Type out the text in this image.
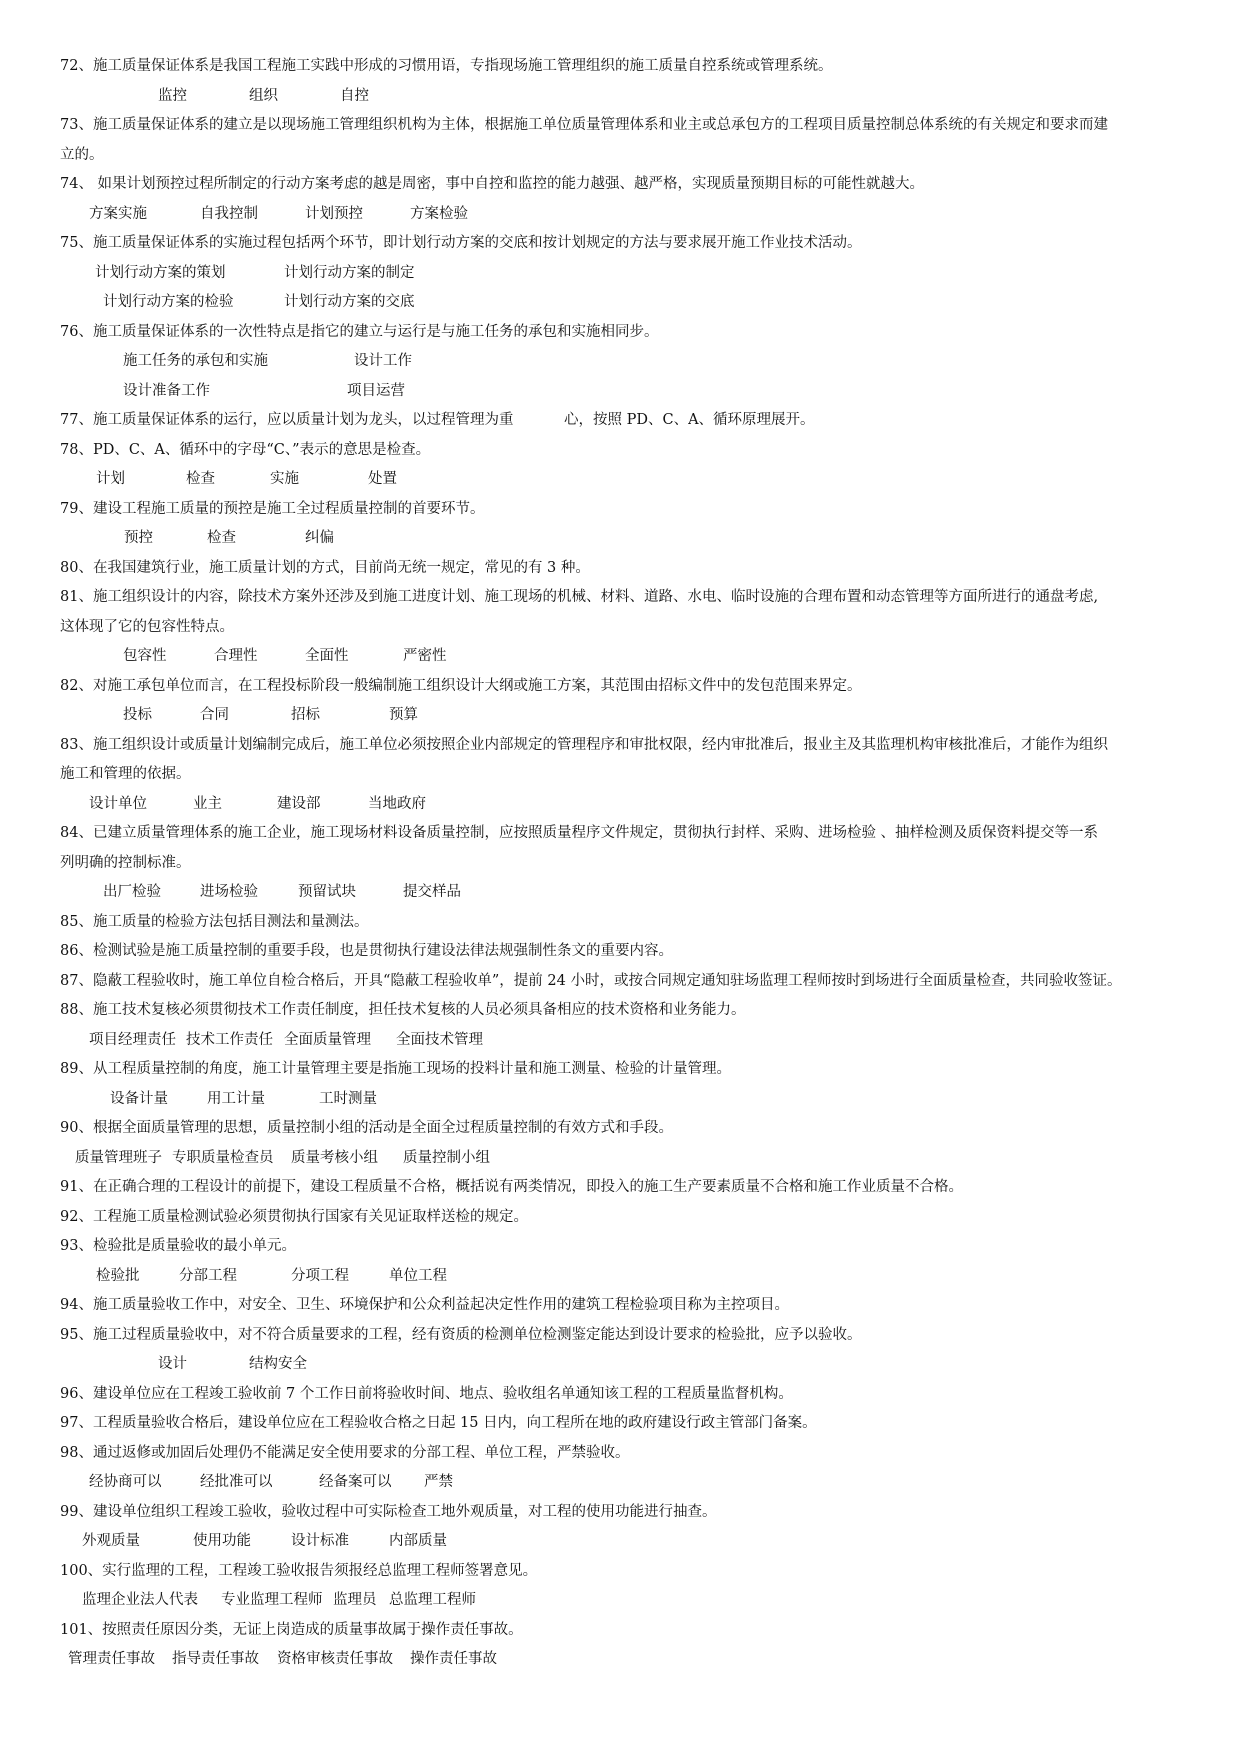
72、施工质量保证体系是我国工程施工实践中形成的习惯用语，专指现场施工管理组织的施工质量自控系统或管理系统。
监控	组织	自控
73、施工质量保证体系的建立是以现场施工管理组织机构为主体，根据施工单位质量管理体系和业主或总承包方的工程项目质量控制总体系统的有关规定和要求而建
立的。
74、 如果计划预控过程所制定的行动方案考虑的越是周密，事中自控和监控的能力越强、越严格，实现质量预期目标的可能性就越大。
方案实施	自我控制	计划预控	方案检验
75、施工质量保证体系的实施过程包括两个环节，即计划行动方案的交底和按计划规定的方法与要求展开施工作业技术活动。
计划行动方案的策划	计划行动方案的制定
计划行动方案的检验	计划行动方案的交底
76、施工质量保证体系的一次性特点是指它的建立与运行是与施工任务的承包和实施相同步。
施工任务的承包和实施	设计工作
设计准备工作	项目运营
77、施工质量保证体系的运行，应以质量计划为龙头，以过程管理为重	心，按照 PD、C、A、循环原理展开。
78、PD、C、A、循环中的字母“C、”表示的意思是检查。
计划	检查	实施	处置
79、建设工程施工质量的预控是施工全过程质量控制的首要环节。
预控	检查	纠偏
80、在我国建筑行业，施工质量计划的方式，目前尚无统一规定，常见的有 3 种。
81、施工组织设计的内容，除技术方案外还涉及到施工进度计划、施工现场的机械、材料、道路、水电、临时设施的合理布置和动态管理等方面所进行的通盘考虑,
这体现了它的包容性特点。
包容性	合理性	全面性	严密性
82、对施工承包单位而言，在工程投标阶段一般编制施工组织设计大纲或施工方案，其范围由招标文件中的发包范围来界定。
投标	合同	招标	预算
83、施工组织设计或质量计划编制完成后，施工单位必须按照企业内部规定的管理程序和审批权限，经内审批准后，报业主及其监理机构审核批准后，才能作为组织
施工和管理的依据。
设计单位	业主	建设部	当地政府
84、已建立质量管理体系的施工企业，施工现场材料设备质量控制，应按照质量程序文件规定，贯彻执行封样、采购、进场检验 、抽样检测及质保资料提交等一系
列明确的控制标准。
出厂检验	进场检验	预留试块	提交样品
85、施工质量的检验方法包括目测法和量测法。
86、检测试验是施工质量控制的重要手段，也是贯彻执行建设法律法规强制性条文的重要内容。
87、隐蔽工程验收时，施工单位自检合格后，开具“隐蔽工程验收单”，提前 24 小时，或按合同规定通知驻场监理工程师按时到场进行全面质量检查，共同验收签证。
88、施工技术复核必须贯彻技术工作责任制度，担任技术复核的人员必须具备相应的技术资格和业务能力。
项目经理责任 技术工作责任 全面质量管理 全面技术管理
89、从工程质量控制的角度，施工计量管理主要是指施工现场的投料计量和施工测量、检验的计量管理。
设备计量	用工计量	工时测量
90、根据全面质量管理的思想，质量控制小组的活动是全面全过程质量控制的有效方式和手段。
质量管理班子 专职质量检查员 质量考核小组 质量控制小组
91、在正确合理的工程设计的前提下，建设工程质量不合格，概括说有两类情况，即投入的施工生产要素质量不合格和施工作业质量不合格。
92、工程施工质量检测试验必须贯彻执行国家有关见证取样送检的规定。
93、检验批是质量验收的最小单元。
检验批	分部工程	分项工程	单位工程
94、施工质量验收工作中，对安全、卫生、环境保护和公众利益起决定性作用的建筑工程检验项目称为主控项目。
95、施工过程质量验收中，对不符合质量要求的工程，经有资质的检测单位检测鉴定能达到设计要求的检验批，应予以验收。
设计	结构安全
96、建设单位应在工程竣工验收前 7 个工作日前将验收时间、地点、验收组名单通知该工程的工程质量监督机构。
97、工程质量验收合格后，建设单位应在工程验收合格之日起 15 日内，向工程所在地的政府建设行政主管部门备案。
98、通过返修或加固后处理仍不能满足安全使用要求的分部工程、单位工程，严禁验收。
经协商可以	经批准可以	经备案可以 严禁
99、建设单位组织工程竣工验收，验收过程中可实际检查工地外观质量，对工程的使用功能进行抽查。
外观质量	使用功能	设计标准	内部质量
100、实行监理的工程，工程竣工验收报告须报经总监理工程师签署意见。
监理企业法人代表 专业监理工程师 监理员 总监理工程师
101、按照责任原因分类，无证上岗造成的质量事故属于操作责任事故。
管理责任事故 指导责任事故 资格审核责任事故 操作责任事故
